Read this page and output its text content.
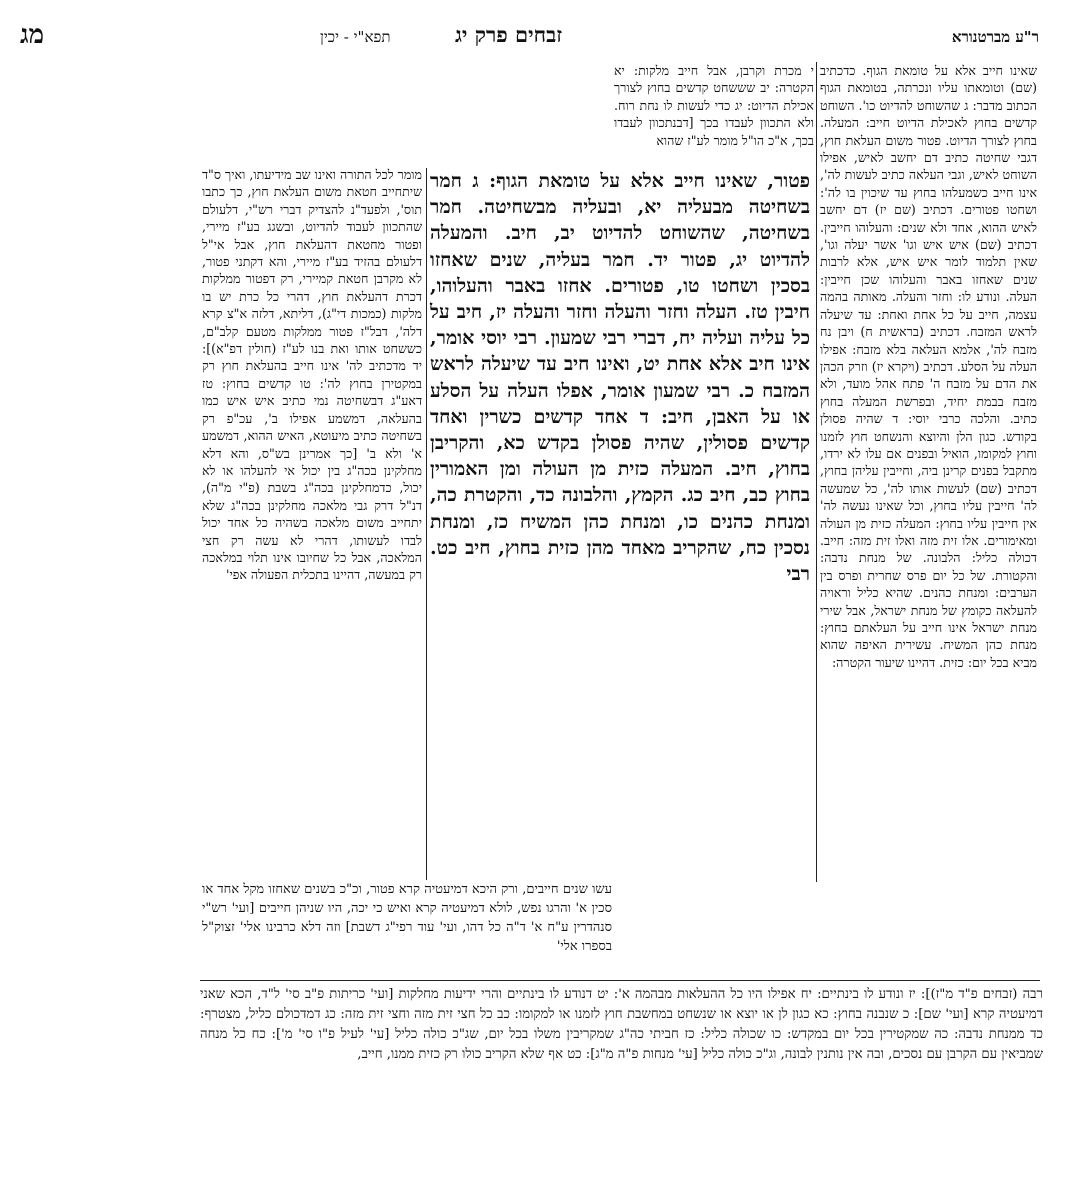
ר"ע מברטנורא
זבחים פרק יג
תפא"י - יכין
מג

שאינו חייב אלא על טומאת הגוף. כדכתיב (שם) וטומאתו עליו ונכרתה, בטומאת הגוף הכתוב מדבר: ג שהשוחט להדיוט כו'. השוחט קדשים בחוץ לאכילת הדיוט חייב: המעלה. בחוץ לצורך הדיוט. פטור משום העלאת חוץ, דגבי שחיטה כתיב דם יחשב לאיש, אפילו השוחט לאיש, וגבי העלאה כתיב לעשות לה', אינו חייב כשמעלהו בחוץ עד שיכוין בו לה': ושחטו פטורים. דכתיב (שם יז) דם יחשב לאיש ההוא, אחד ולא שנים: והעלוהו חייבין. דכתיב (שם) איש איש וגו' אשר יעלה וגו', שאין תלמוד לומר איש איש, אלא לרבות שנים שאחזו באבר והעלוהו שכן חייבין: העלה. ונודע לו: וחזר והעלה. מאותה בהמה עצמה, חייב על כל אחת ואחת: עד שיעלה לראש המזבח. דכתיב (בראשית ח) ויבן נח מזבח לה', אלמא העלאה בלא מזבח: אפילו העלה על הסלע. דכתיב (ויקרא יז) וזרק הכהן את הדם על מזבח ה' פתח אהל מועד, ולא מזבח בבמת יחיד, ובפרשת המעלה בחוץ כתיב. והלכה כרבי יוסי: ד שהיה פסולן בקודש. כגון הלן והיוצא והנשחט חוץ לזמנו וחוץ למקומו, הואיל ובפנים אם עלו לא ירדו, מתקבל בפנים קרינן ביה, וחייבין עליהן בחוץ, דכתיב (שם) לעשות אותו לה', כל שמעשה לה' חייבין עליו בחוץ, וכל שאינו נעשה לה' אין חייבין עליו בחוץ: המעלה כזית מן העולה ומאימורים. אלו זית מזה ואלו זית מזה: חייב. דכולה כליל: הלבונה. של מנחת נדבה: והקטורת. של כל יום פרס שחרית ופרס בין הערבים: ומנחת כהנים. שהיא כליל וראויה להעלאה כקומץ של מנחת ישראל, אבל שירי מנחת ישראל אינו חייב על העלאתם בחוץ: מנחת כהן המשיח. עשירית האיפה שהוא מביא בכל יום: כזית. דהיינו שיעור הקטרה:

י מכרת וקרבן, אבל חייב מלקות: יא הקטרה: יב שששחט קדשים בחוץ לצורך אכילת הדיוט: יג כדי לעשות לו נחת רוח. ולא התכוון לעבדו בכך [דבנתכוון לעבדו בכך, א"כ הו"ל מומר לע"ז שהוא

פטור, שאינו חייב אלא על טומאת הגוף: ג חמר בשחיטה מבעליה יא, ובעליה מבשחיטה. חמר בשחיטה, שהשוחט להדיוט יב, חיב. והמעלה להדיוט יג, פטור יד. חמר בעליה, שנים שאחזו בסכין ושחטו טו, פטורים. אחזו באבר והעלוהו, חיבין טז. העלה וחזר והעלה וחזר והעלה יז, חיב על כל עליה ועליה יח, דברי רבי שמעון. רבי יוסי אומר, אינו חיב אלא אחת יט, ואינו חיב עד שיעלה לראש המזבח כ. רבי שמעון אומר, אפלו העלה על הסלע או על האבן, חיב: ד אחד קדשים כשרין ואחד קדשים פסולין, שהיה פסולן בקדש כא, והקריבן בחוץ, חיב. המעלה כזית מן העולה ומן האמורין בחוץ כב, חיב כג. הקמץ, והלבונה כד, והקטרת כה, ומנחת כהנים כו, ומנחת כהן המשיח כז, ומנחת נסכין כח, שהקריב מאחד מהן כזית בחוץ, חיב כט. רבי

מומר לכל התורה ואינו שב מידיעתו, ואיך ס"ד שיתחייב חטאת משום העלאת חוץ, כך כתבו תוס', ולפעד"נ להצדיק דברי רש"י, דלעולם שהתכוון לעבוד להדיוט, ובשגג בע"ז מיירי, ופטור מחטאת דהעלאת חוץ, אבל אי"ל דלעולם בהזיד בע"ז מיירי, והא דקתני פטור, לא מקרבן חטאת קמיירי, רק דפטור ממלקות דכרת דהעלאת חוץ, דהרי כל כרת יש בו מלקות (כמכות די"ג), דליתא, דלזה א"צ קרא דלה', דבל"ז פטור ממלקות מטעם קלב"ם, כששחט אותו ואת בנו לע"ז (חולין דפ"א)]: יד מדכתיב לה' אינו חייב בהעלאת חוץ רק במקטירן בחוץ לה': טו קדשים בחוץ: טז דאע"ג דבשחיטה נמי כתיב איש איש כמו בהעלאה, דמשמע אפילו ב', עכ"פ רק בשחיטה כתיב מיעוטא, האיש ההוא, דמשמע א' ולא ב' [כך אמרינן בש"ס, והא דלא מחלקינן בכה"ג בין יכול אי להעלהו או לא יכול, כדמחלקינן בכה"ג בשבת (פ"י מ"ה), דנ"ל דרק גבי מלאכה מחלקינן בכה"ג שלא יתחייב משום מלאכה בשהיה כל אחד יכול לבדו לעשותו, דהרי לא עשה רק חצי המלאכה, אבל כל שחיובו אינו תלוי במלאכה רק במעשה, דהיינו בתכלית הפעולה אפי'

עשו שנים חייבים, ורק היכא דמיעטיה קרא פטור, וכ"כ בשנים שאחזו מקל אחד או סכין א' והרגו נפש, לולא דמיעטיה קרא ואיש כי יכה, היו שניהן חייבים [ועי' רש"י סנהדרין ע"ח א' ד"ה כל דהו, ועי' עוד רפי"ג דשבת] וזה דלא כרבינו אלי' זצוק"ל בספרו אלי'

רבה (זבחים פ"ד מ"ז)]: יז ונודע לו בינתיים: יח אפילו היו כל ההעלאות מבהמה א': יט דנודע לו בינתיים והרי ידיעות מחלקות [ועי' כריתות פ"ב סי' ל"ד, הכא שאני דמיעטיה קרא [ועי' שם]: כ שנבנה בחוץ: כא כגון לן או יוצא או שנשחט במחשבת חוץ לזמנו או למקומו: כב כל חצי זית מזה וחצי זית מזה: כג דמדכולם כליל, מצטרף: כד ממנחת נדבה: כה שמקטירין בכל יום במקדש: כו שכולה כליל: כז חביתי כה"ג שמקריבין משלו בכל יום, שג"כ כולה כליל [עי' לעיל פ"ו סי' מ']: כח כל מנחה שמביאין עם הקרבן עם נסכים, ובה אין נותנין לבונה, וג"כ כולה כליל [עי' מנחות פ"ה מ"ג]: כט אף שלא הקריב כולו רק כזית ממנו, חייב,
